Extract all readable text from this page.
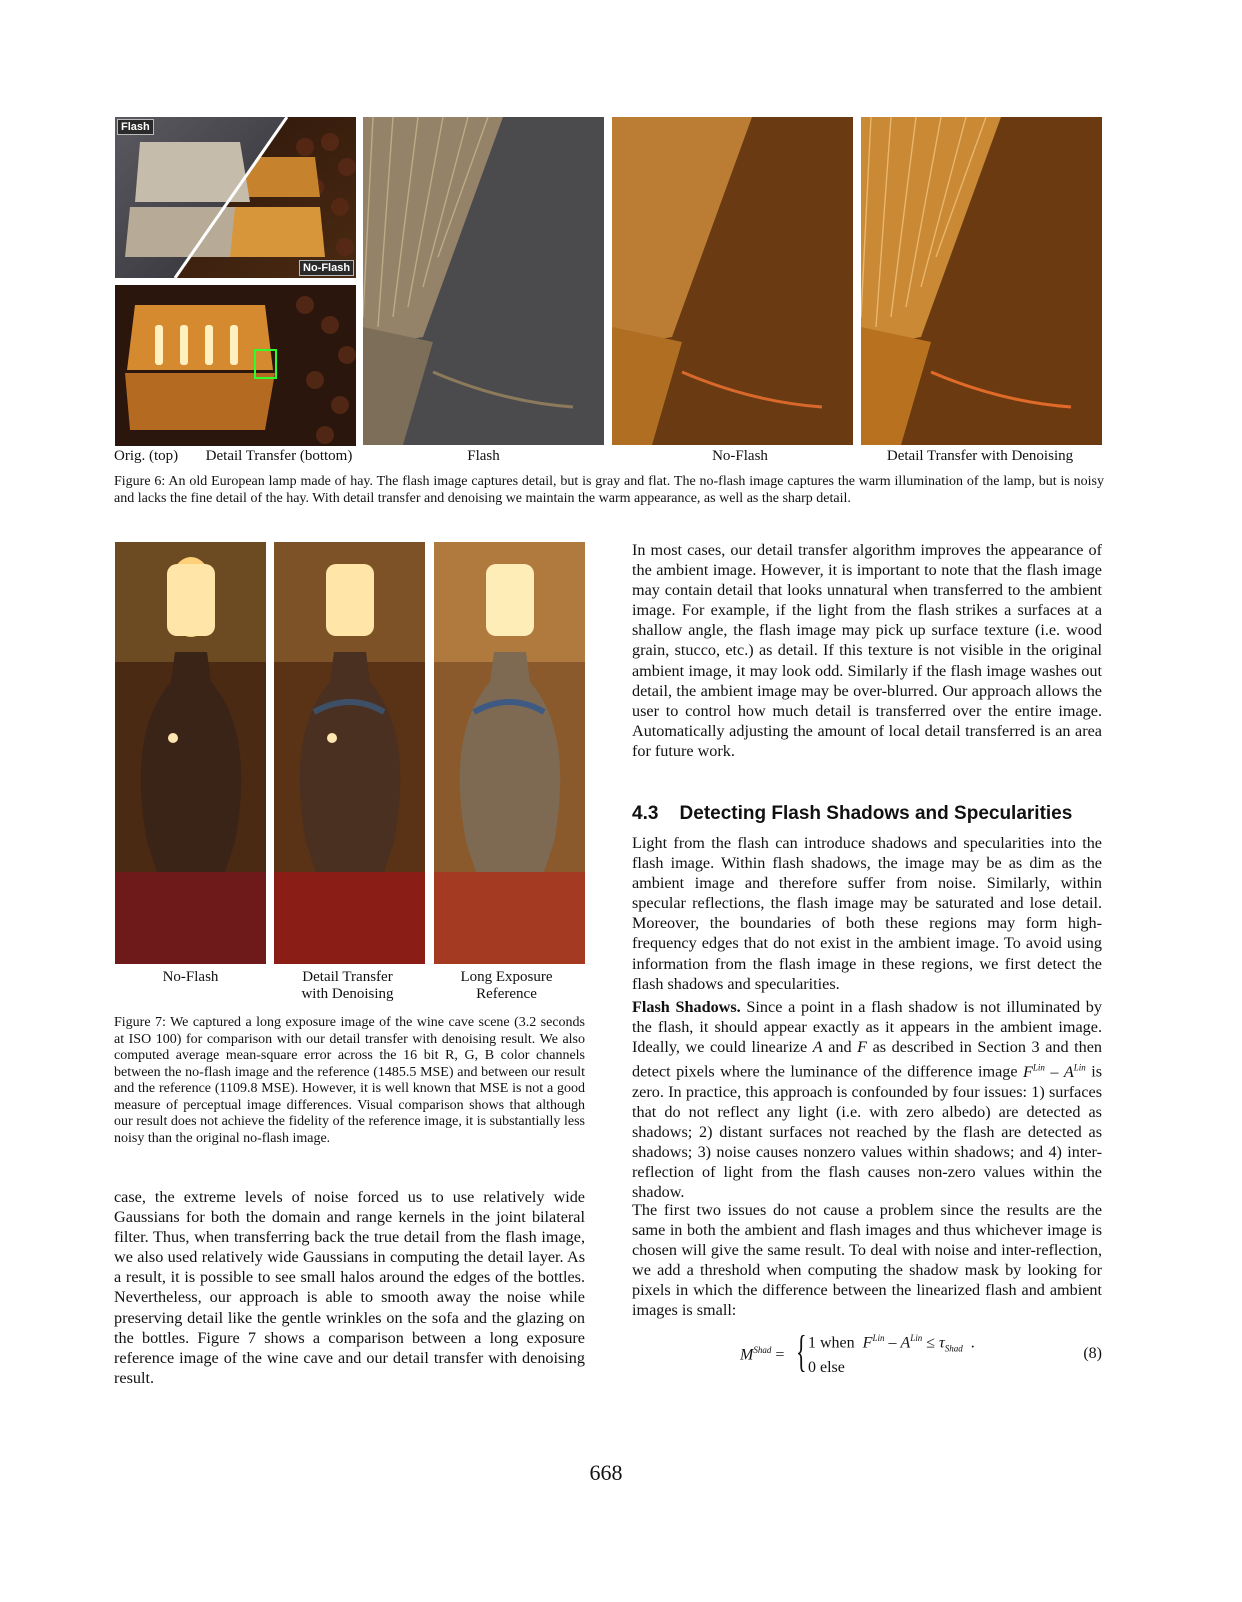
Flash
No-Flash
Orig. (top)	Detail Transfer (bottom)	Flash	No-Flash	Detail Transfer with Denoising
Figure 6: An old European lamp made of hay. The flash image captures detail, but is gray and flat. The no-flash image captures the warm illumination of the lamp, but is noisy and lacks the fine detail of the hay. With detail transfer and denoising we maintain the warm appearance, as well as the sharp detail.
No-Flash	Detail Transfer
with Denoising
Long Exposure
Reference
Figure 7: We captured a long exposure image of the wine cave scene (3.2 seconds at ISO 100) for comparison with our detail transfer with denoising result. We also computed average mean-square error across the 16 bit R, G, B color channels between the no-flash image and the reference (1485.5 MSE) and between our result and the reference (1109.8 MSE). However, it is well known that MSE is not a good measure of perceptual image differences. Visual comparison shows that although our result does not achieve the fidelity of the reference image, it is substantially less noisy than the original no-flash image.

case, the extreme levels of noise forced us to use relatively wide Gaussians for both the domain and range kernels in the joint bilateral filter. Thus, when transferring back the true detail from the flash image, we also used relatively wide Gaussians in computing the detail layer. As a result, it is possible to see small halos around the edges of the bottles. Nevertheless, our approach is able to smooth away the noise while preserving detail like the gentle wrinkles on the sofa and the glazing on the bottles. Figure 7 shows a comparison between a long exposure reference image of the wine cave and our detail transfer with denoising result.

In most cases, our detail transfer algorithm improves the appearance of the ambient image. However, it is important to note that the flash image may contain detail that looks unnatural when transferred to the ambient image. For example, if the light from the flash strikes a surfaces at a shallow angle, the flash image may pick up surface texture (i.e. wood grain, stucco, etc.) as detail. If this texture is not visible in the original ambient image, it may look odd. Similarly if the flash image washes out detail, the ambient image may be over-blurred. Our approach allows the user to control how much detail is transferred over the entire image. Automatically adjusting the amount of local detail transferred is an area for future work.

4.3 Detecting Flash Shadows and Specularities

Light from the flash can introduce shadows and specularities into the flash image. Within flash shadows, the image may be as dim as the ambient image and therefore suffer from noise. Similarly, within specular reflections, the flash image may be saturated and lose detail. Moreover, the boundaries of both these regions may form high-frequency edges that do not exist in the ambient image. To avoid using information from the flash image in these regions, we first detect the flash shadows and specularities.

Flash Shadows. Since a point in a flash shadow is not illuminated by the flash, it should appear exactly as it appears in the ambient image. Ideally, we could linearize A and F as described in Section 3 and then detect pixels where the luminance of the difference image $F^{Lin} - A^{Lin}$ is zero. In practice, this approach is confounded by four issues: 1) surfaces that do not reflect any light (i.e. with zero albedo) are detected as shadows; 2) distant surfaces not reached by the flash are detected as shadows; 3) noise causes nonzero values within shadows; and 4) inter-reflection of light from the flash causes non-zero values within the shadow.

The first two issues do not cause a problem since the results are the same in both the ambient and flash images and thus whichever image is chosen will give the same result. To deal with noise and inter-reflection, we add a threshold when computing the shadow mask by looking for pixels in which the difference between the linearized flash and ambient images is small:

$M^{Shad}$ = { 1 when $F^{Lin} - A^{Lin} \le \tau_{Shad}$  .
0 else
(8)
668
